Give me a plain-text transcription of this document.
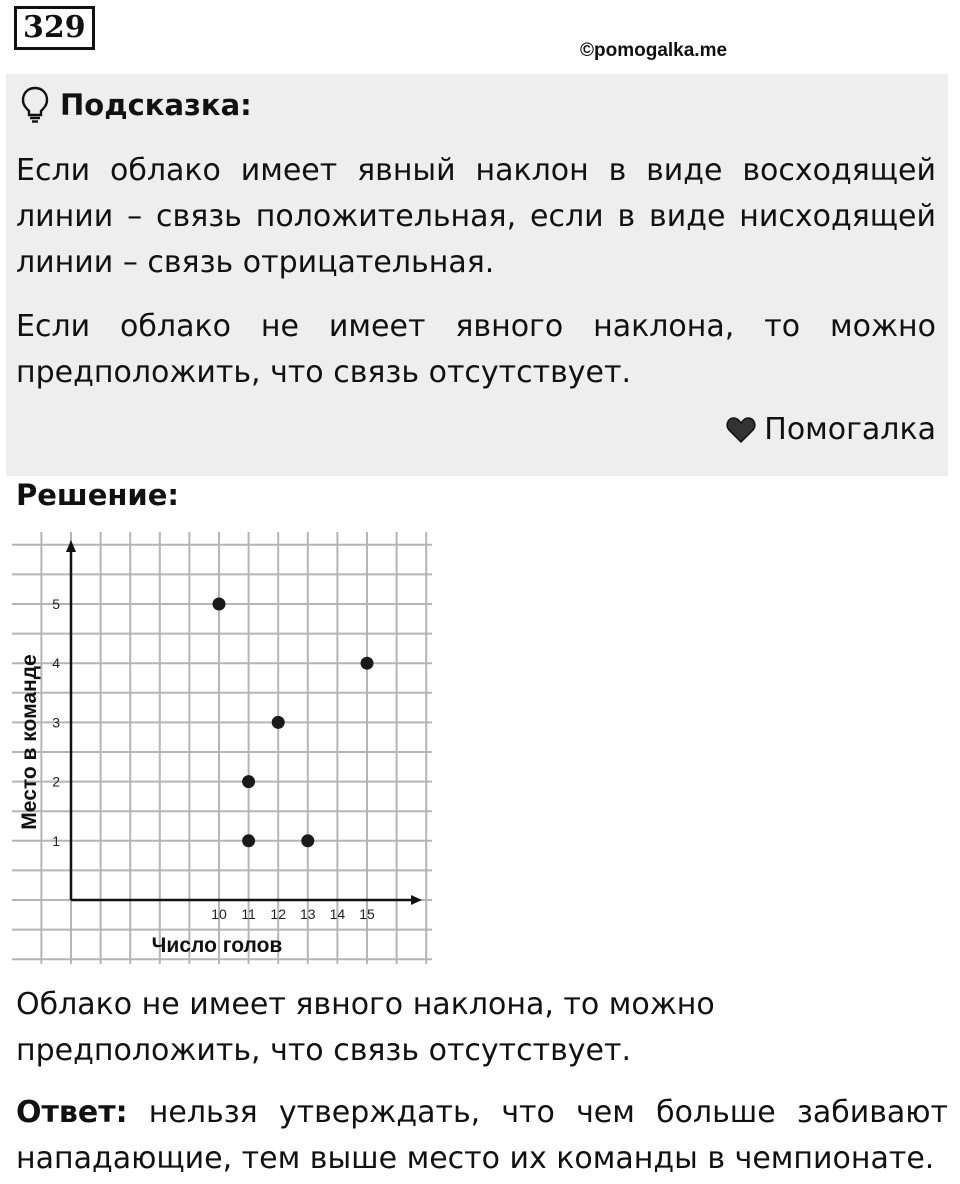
329
©pomogalka.me
Подсказка:
Если облако имеет явный наклон в виде восходящей линии – связь положительная, если в виде нисходящей линии – связь отрицательная.
Если облако не имеет явного наклона, то можно предположить, что связь отсутствует.
Помогалка
Решение:
10 11 12 13 14 15
1
2
3
4
5
Число голов
Место в команде
Облако не имеет явного наклона, то можно предположить, что связь отсутствует.
Ответ: нельзя утверждать, что чем больше забивают нападающие, тем выше место их команды в чемпионате.
